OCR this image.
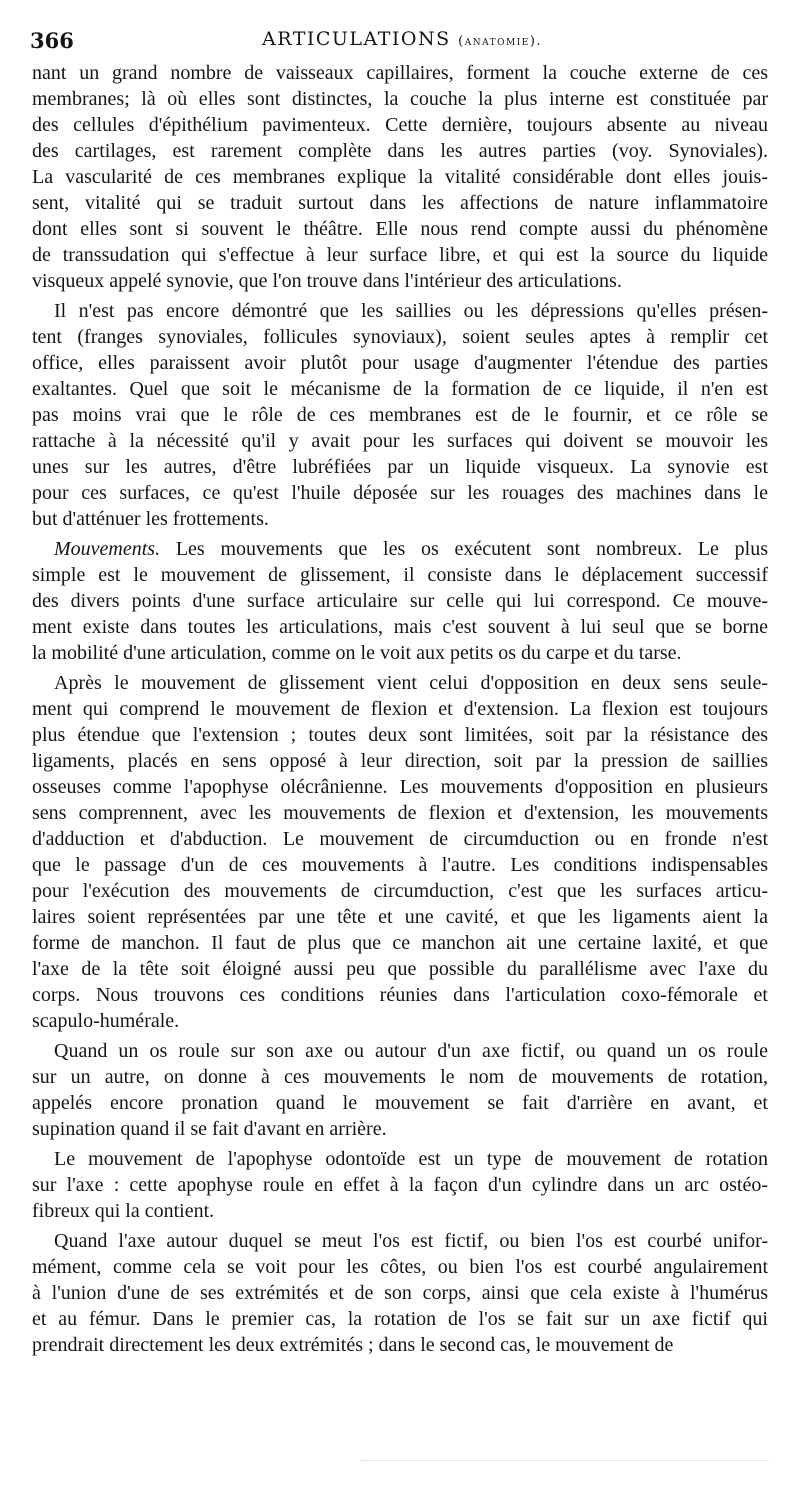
366	ARTICULATIONS (anatomie).
nant un grand nombre de vaisseaux capillaires, forment la couche externe de ces
membranes; là où elles sont distinctes, la couche la plus interne est constituée par
des cellules d'épithélium pavimenteux. Cette dernière, toujours absente au niveau
des cartilages, est rarement complète dans les autres parties (voy. Synoviales).
La vascularité de ces membranes explique la vitalité considérable dont elles jouis-
sent, vitalité qui se traduit surtout dans les affections de nature inflammatoire
dont elles sont si souvent le théâtre. Elle nous rend compte aussi du phénomène
de transsudation qui s'effectue à leur surface libre, et qui est la source du liquide
visqueux appelé synovie, que l'on trouve dans l'intérieur des articulations.
Il n'est pas encore démontré que les saillies ou les dépressions qu'elles présen-
tent (franges synoviales, follicules synoviaux), soient seules aptes à remplir cet
office, elles paraissent avoir plutôt pour usage d'augmenter l'étendue des parties
exaltantes. Quel que soit le mécanisme de la formation de ce liquide, il n'en est
pas moins vrai que le rôle de ces membranes est de le fournir, et ce rôle se
rattache à la nécessité qu'il y avait pour les surfaces qui doivent se mouvoir les
unes sur les autres, d'être lubréfiées par un liquide visqueux. La synovie est
pour ces surfaces, ce qu'est l'huile déposée sur les rouages des machines dans le
but d'atténuer les frottements.
Mouvements. Les mouvements que les os exécutent sont nombreux. Le plus
simple est le mouvement de glissement, il consiste dans le déplacement successif
des divers points d'une surface articulaire sur celle qui lui correspond. Ce mouve-
ment existe dans toutes les articulations, mais c'est souvent à lui seul que se borne
la mobilité d'une articulation, comme on le voit aux petits os du carpe et du tarse.
Après le mouvement de glissement vient celui d'opposition en deux sens seule-
ment qui comprend le mouvement de flexion et d'extension. La flexion est toujours
plus étendue que l'extension ; toutes deux sont limitées, soit par la résistance des
ligaments, placés en sens opposé à leur direction, soit par la pression de saillies
osseuses comme l'apophyse olécrânienne. Les mouvements d'opposition en plusieurs
sens comprennent, avec les mouvements de flexion et d'extension, les mouvements
d'adduction et d'abduction. Le mouvement de circumduction ou en fronde n'est
que le passage d'un de ces mouvements à l'autre. Les conditions indispensables
pour l'exécution des mouvements de circumduction, c'est que les surfaces articu-
laires soient représentées par une tête et une cavité, et que les ligaments aient la
forme de manchon. Il faut de plus que ce manchon ait une certaine laxité, et que
l'axe de la tête soit éloigné aussi peu que possible du parallélisme avec l'axe du
corps. Nous trouvons ces conditions réunies dans l'articulation coxo-fémorale et
scapulo-humérale.
Quand un os roule sur son axe ou autour d'un axe fictif, ou quand un os roule
sur un autre, on donne à ces mouvements le nom de mouvements de rotation,
appelés encore pronation quand le mouvement se fait d'arrière en avant, et
supination quand il se fait d'avant en arrière.
Le mouvement de l'apophyse odontoïde est un type de mouvement de rotation
sur l'axe : cette apophyse roule en effet à la façon d'un cylindre dans un arc ostéo-
fibreux qui la contient.
Quand l'axe autour duquel se meut l'os est fictif, ou bien l'os est courbé unifor-
mément, comme cela se voit pour les côtes, ou bien l'os est courbé angulairement
à l'union d'une de ses extrémités et de son corps, ainsi que cela existe à l'humérus
et au fémur. Dans le premier cas, la rotation de l'os se fait sur un axe fictif qui
prendrait directement les deux extrémités ; dans le second cas, le mouvement de
